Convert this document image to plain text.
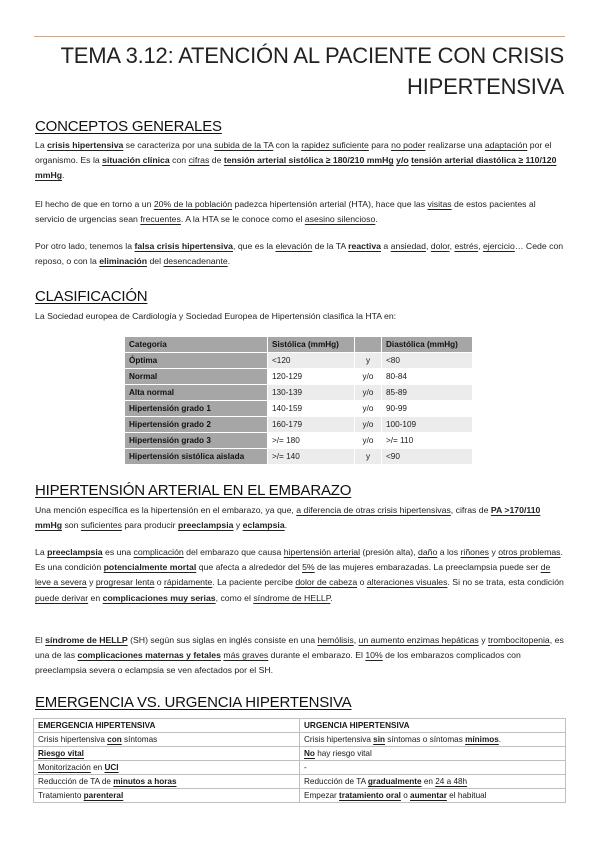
TEMA 3.12: ATENCIÓN AL PACIENTE CON CRISIS
HIPERTENSIVA
CONCEPTOS GENERALES
La crisis hipertensiva se caracteriza por una subida de la TA con la rapidez suficiente para no poder realizarse una adaptación por el organismo. Es la situación clínica con cifras de tensión arterial sistólica ≥ 180/210 mmHg y/o tensión arterial diastólica ≥ 110/120 mmHg.
El hecho de que en torno a un 20% de la población padezca hipertensión arterial (HTA), hace que las visitas de estos pacientes al servicio de urgencias sean frecuentes. A la HTA se le conoce como el asesino silencioso.
Por otro lado, tenemos la falsa crisis hipertensiva, que es la elevación de la TA reactiva a ansiedad, dolor, estrés, ejercicio… Cede con reposo, o con la eliminación del desencadenante.
CLASIFICACIÓN
La Sociedad europea de Cardiología y Sociedad Europea de Hipertensión clasifica la HTA en:
Categoría	Sistólica (mmHg)		Diastólica (mmHg)
Óptima	<120	y	<80
Normal	120-129	y/o	80-84
Alta normal	130-139	y/o	85-89
Hipertensión grado 1	140-159	y/o	90-99
Hipertensión grado 2	160-179	y/o	100-109
Hipertensión grado 3	>/= 180	y/o	>/= 110
Hipertensión sistólica aislada	>/= 140	y	<90
HIPERTENSIÓN ARTERIAL EN EL EMBARAZO
Una mención específica es la hipertensión en el embarazo, ya que, a diferencia de otras crisis hipertensivas, cifras de PA >170/110 mmHg son suficientes para producir preeclampsia y eclampsia.
La preeclampsia es una complicación del embarazo que causa hipertensión arterial (presión alta), daño a los riñones y otros problemas. Es una condición potencialmente mortal que afecta a alrededor del 5% de las mujeres embarazadas. La preeclampsia puede ser de leve a severa y progresar lenta o rápidamente. La paciente percibe dolor de cabeza o alteraciones visuales. Si no se trata, esta condición puede derivar en complicaciones muy serias, como el síndrome de HELLP.
El síndrome de HELLP (SH) según sus siglas en inglés consiste en una hemólisis, un aumento enzimas hepáticas y trombocitopenia, es una de las complicaciones maternas y fetales más graves durante el embarazo. El 10% de los embarazos complicados con preeclampsia severa o eclampsia se ven afectados por el SH.
EMERGENCIA VS. URGENCIA HIPERTENSIVA
EMERGENCIA HIPERTENSIVA	URGENCIA HIPERTENSIVA
Crisis hipertensiva con síntomas	Crisis hipertensiva sin síntomas o síntomas mínimos.
Riesgo vital	No hay riesgo vital
Monitorización en UCI	-
Reducción de TA de minutos a horas	Reducción de TA gradualmente en 24 a 48h
Tratamiento parenteral	Empezar tratamiento oral o aumentar el habitual
